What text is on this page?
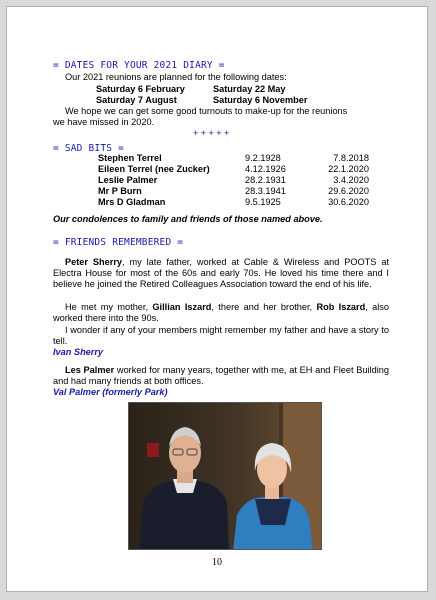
= DATES FOR YOUR 2021 DIARY =
Our 2021 reunions are planned for the following dates:
Saturday 6 February	Saturday 22 May
Saturday 7 August	Saturday 6 November
We hope we can get some good turnouts to make-up for the reunions
we have missed in 2020.
+ + + + +
= SAD BITS =
Stephen Terrel	9.2.1928	7.8.2018
Eileen Terrel (nee Zucker)	4.12.1926	22.1.2020
Leslie Palmer	28.2.1931	3.4.2020
Mr P Burn	28.3.1941	29.6.2020
Mrs D Gladman	9.5.1925	30.6.2020
Our condolences to family and friends of those named above.
= FRIENDS REMEMBERED =
Peter Sherry, my late father, worked at Cable & Wireless and POOTS at Electra House for most of the 60s and early 70s. He loved his time there and I believe he joined the Retired Colleagues Association toward the end of his life.
He met my mother, Gillian Iszard, there and her brother, Rob Iszard, also worked there into the 90s.
I wonder if any of your members might remember my father and have a story to tell.
Ivan Sherry
Les Palmer worked for many years, together with me, at EH and Fleet Building and had many friends at both offices.
Val Palmer (formerly Park)
10
